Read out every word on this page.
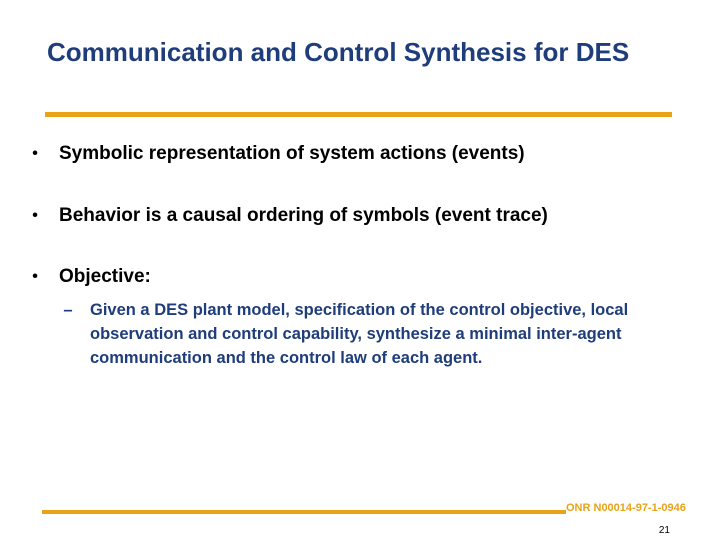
Communication and Control Synthesis for DES
• Symbolic representation of system actions (events)
• Behavior is a causal ordering of symbols (event trace)
• Objective:
– Given a DES plant model, specification of the control objective, local observation and control capability, synthesize a minimal inter-agent communication and the control law of each agent.
ONR N00014-97-1-0946
21
